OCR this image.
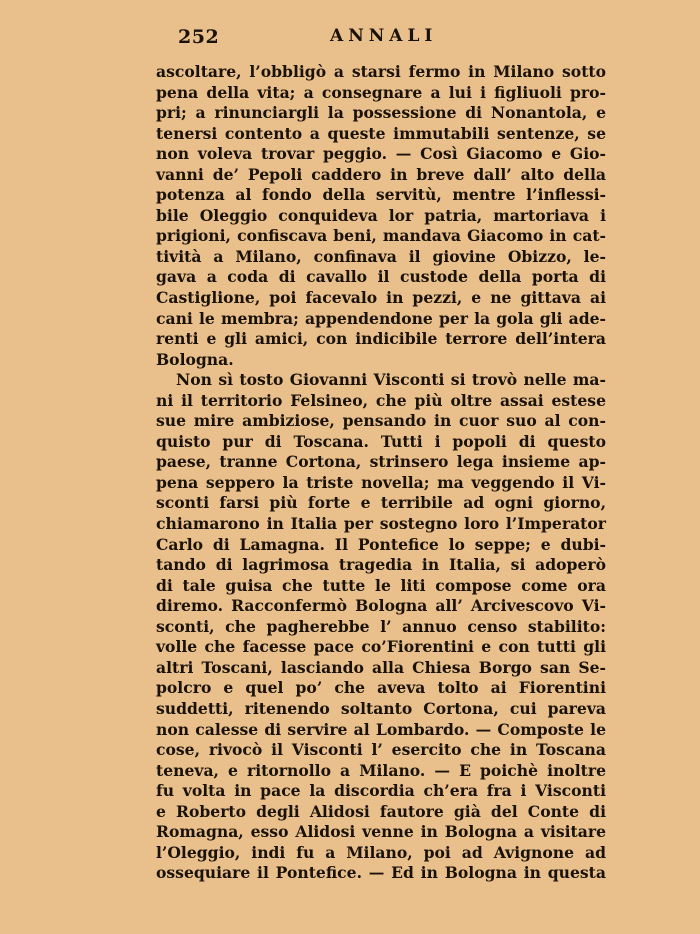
252	ANNALI
ascoltare, l’obbligò a starsi fermo in Milano sotto
pena della vita; a consegnare a lui i figliuoli pro-
pri; a rinunciargli la possessione di Nonantola, e
tenersi contento a queste immutabili sentenze, se
non voleva trovar peggio. — Così Giacomo e Gio-
vanni de’ Pepoli caddero in breve dall’ alto della
potenza al fondo della servitù, mentre l’inflessi-
bile Oleggio conquideva lor patria, martoriava i
prigioni, confiscava beni, mandava Giacomo in cat-
tività a Milano, confinava il giovine Obizzo, le-
gava a coda di cavallo il custode della porta di
Castiglione, poi facevalo in pezzi, e ne gittava ai
cani le membra; appendendone per la gola gli ade-
renti e gli amici, con indicibile terrore dell’intera
Bologna.
Non sì tosto Giovanni Visconti si trovò nelle ma-
ni il territorio Felsineo, che più oltre assai estese
sue mire ambiziose, pensando in cuor suo al con-
quisto pur di Toscana. Tutti i popoli di questo
paese, tranne Cortona, strinsero lega insieme ap-
pena seppero la triste novella; ma veggendo il Vi-
sconti farsi più forte e terribile ad ogni giorno,
chiamarono in Italia per sostegno loro l’Imperator
Carlo di Lamagna. Il Pontefice lo seppe; e dubi-
tando di lagrimosa tragedia in Italia, si adoperò
di tale guisa che tutte le liti compose come ora
diremo. Racconfermò Bologna all’ Arcivescovo Vi-
sconti, che pagherebbe l’ annuo censo stabilito:
volle che facesse pace co’Fiorentini e con tutti gli
altri Toscani, lasciando alla Chiesa Borgo san Se-
polcro e quel po’ che aveva tolto ai Fiorentini
suddetti, ritenendo soltanto Cortona, cui pareva
non calesse di servire al Lombardo. — Composte le
cose, rivocò il Visconti l’ esercito che in Toscana
teneva, e ritornollo a Milano. — E poichè inoltre
fu volta in pace la discordia ch’era fra i Visconti
e Roberto degli Alidosi fautore già del Conte di
Romagna, esso Alidosi venne in Bologna a visitare
l’Oleggio, indi fu a Milano, poi ad Avignone ad
ossequiare il Pontefice. — Ed in Bologna in questa
